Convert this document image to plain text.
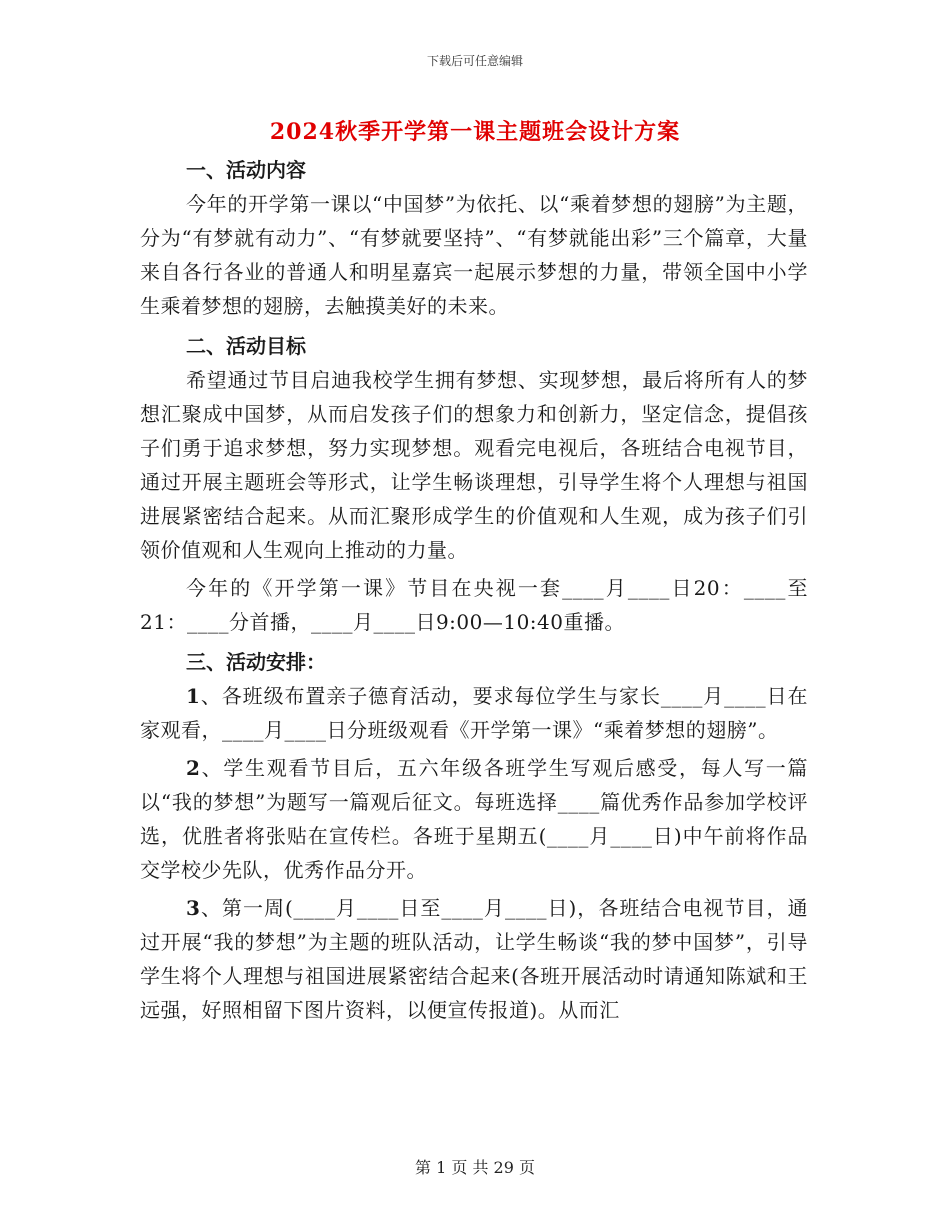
下载后可任意编辑
2024秋季开学第一课主题班会设计方案

一、活动内容

今年的开学第一课以“中国梦”为依托、以“乘着梦想的翅膀”为主题，分为“有梦就有动力”、“有梦就要坚持”、“有梦就能出彩”三个篇章，大量来自各行各业的普通人和明星嘉宾一起展示梦想的力量，带领全国中小学生乘着梦想的翅膀，去触摸美好的未来。

二、活动目标

希望通过节目启迪我校学生拥有梦想、实现梦想，最后将所有人的梦想汇聚成中国梦，从而启发孩子们的想象力和创新力，坚定信念，提倡孩子们勇于追求梦想，努力实现梦想。观看完电视后，各班结合电视节目，通过开展主题班会等形式，让学生畅谈理想，引导学生将个人理想与祖国进展紧密结合起来。从而汇聚形成学生的价值观和人生观，成为孩子们引领价值观和人生观向上推动的力量。

今年的《开学第一课》节目在央视一套____月____日20：____至21：____分首播，____月____日9:00—10:40重播。

三、活动安排：

1、各班级布置亲子德育活动，要求每位学生与家长____月____日在家观看，____月____日分班级观看《开学第一课》“乘着梦想的翅膀”。

2、学生观看节目后，五六年级各班学生写观后感受，每人写一篇以“我的梦想”为题写一篇观后征文。每班选择____篇优秀作品参加学校评选，优胜者将张贴在宣传栏。各班于星期五(____月____日)中午前将作品交学校少先队，优秀作品分开。

3、第一周(____月____日至____月____日)，各班结合电视节目，通过开展“我的梦想”为主题的班队活动，让学生畅谈“我的梦中国梦”，引导学生将个人理想与祖国进展紧密结合起来(各班开展活动时请通知陈斌和王远强，好照相留下图片资料，以便宣传报道)。从而汇

第 1 页 共 29 页
